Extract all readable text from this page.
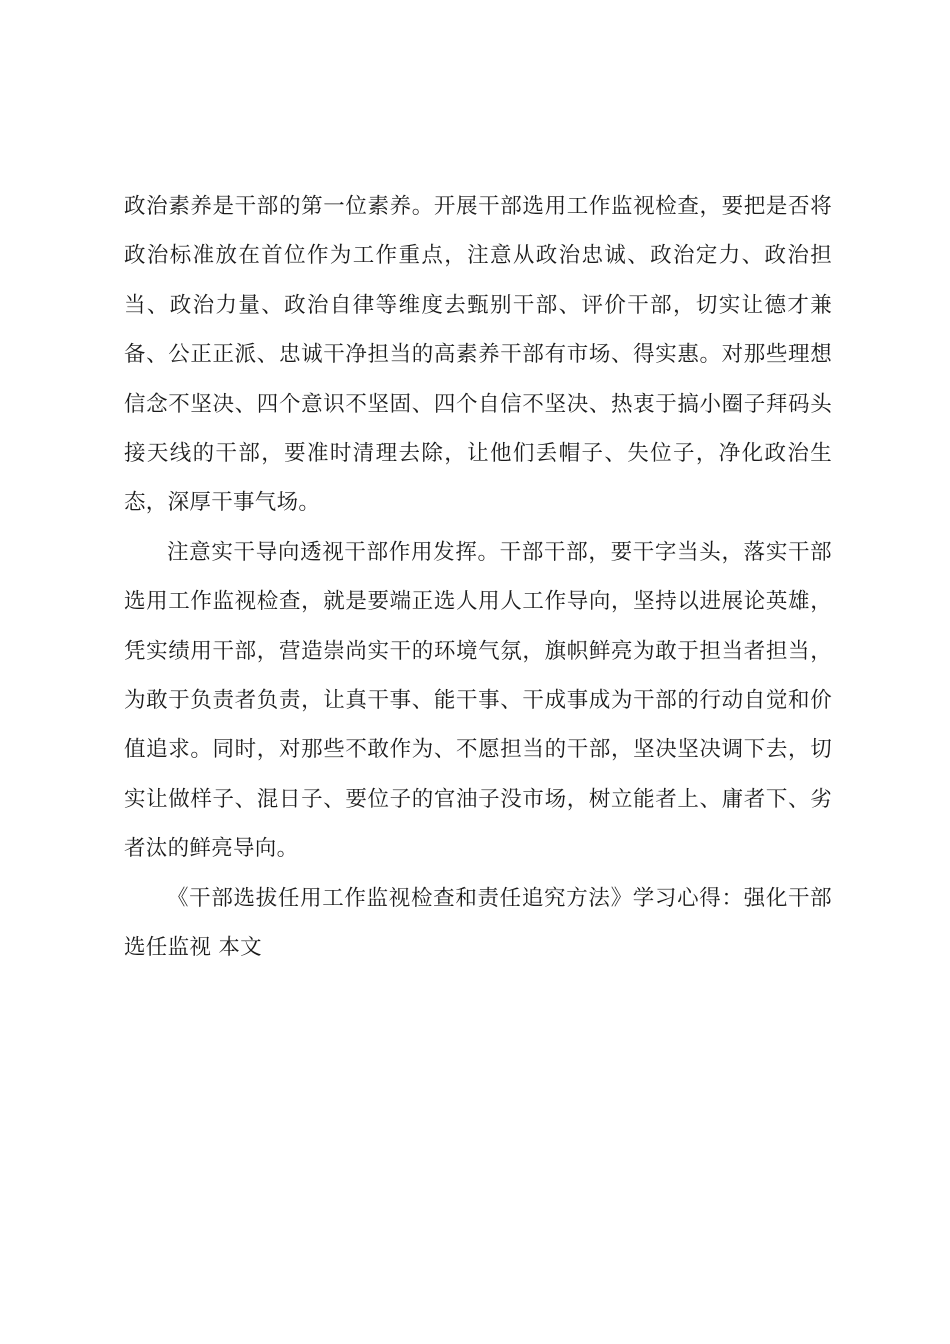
政治素养是干部的第一位素养。开展干部选用工作监视检查，要把是否将政治标准放在首位作为工作重点，注意从政治忠诚、政治定力、政治担当、政治力量、政治自律等维度去甄别干部、评价干部，切实让德才兼备、公正正派、忠诚干净担当的高素养干部有市场、得实惠。对那些理想信念不坚决、四个意识不坚固、四个自信不坚决、热衷于搞小圈子拜码头接天线的干部，要准时清理去除，让他们丢帽子、失位子，净化政治生态，深厚干事气场。

注意实干导向透视干部作用发挥。干部干部，要干字当头，落实干部选用工作监视检查，就是要端正选人用人工作导向，坚持以进展论英雄，凭实绩用干部，营造崇尚实干的环境气氛，旗帜鲜亮为敢于担当者担当，为敢于负责者负责，让真干事、能干事、干成事成为干部的行动自觉和价值追求。同时，对那些不敢作为、不愿担当的干部，坚决坚决调下去，切实让做样子、混日子、要位子的官油子没市场，树立能者上、庸者下、劣者汰的鲜亮导向。

《干部选拔任用工作监视检查和责任追究方法》学习心得：强化干部选任监视 本文
